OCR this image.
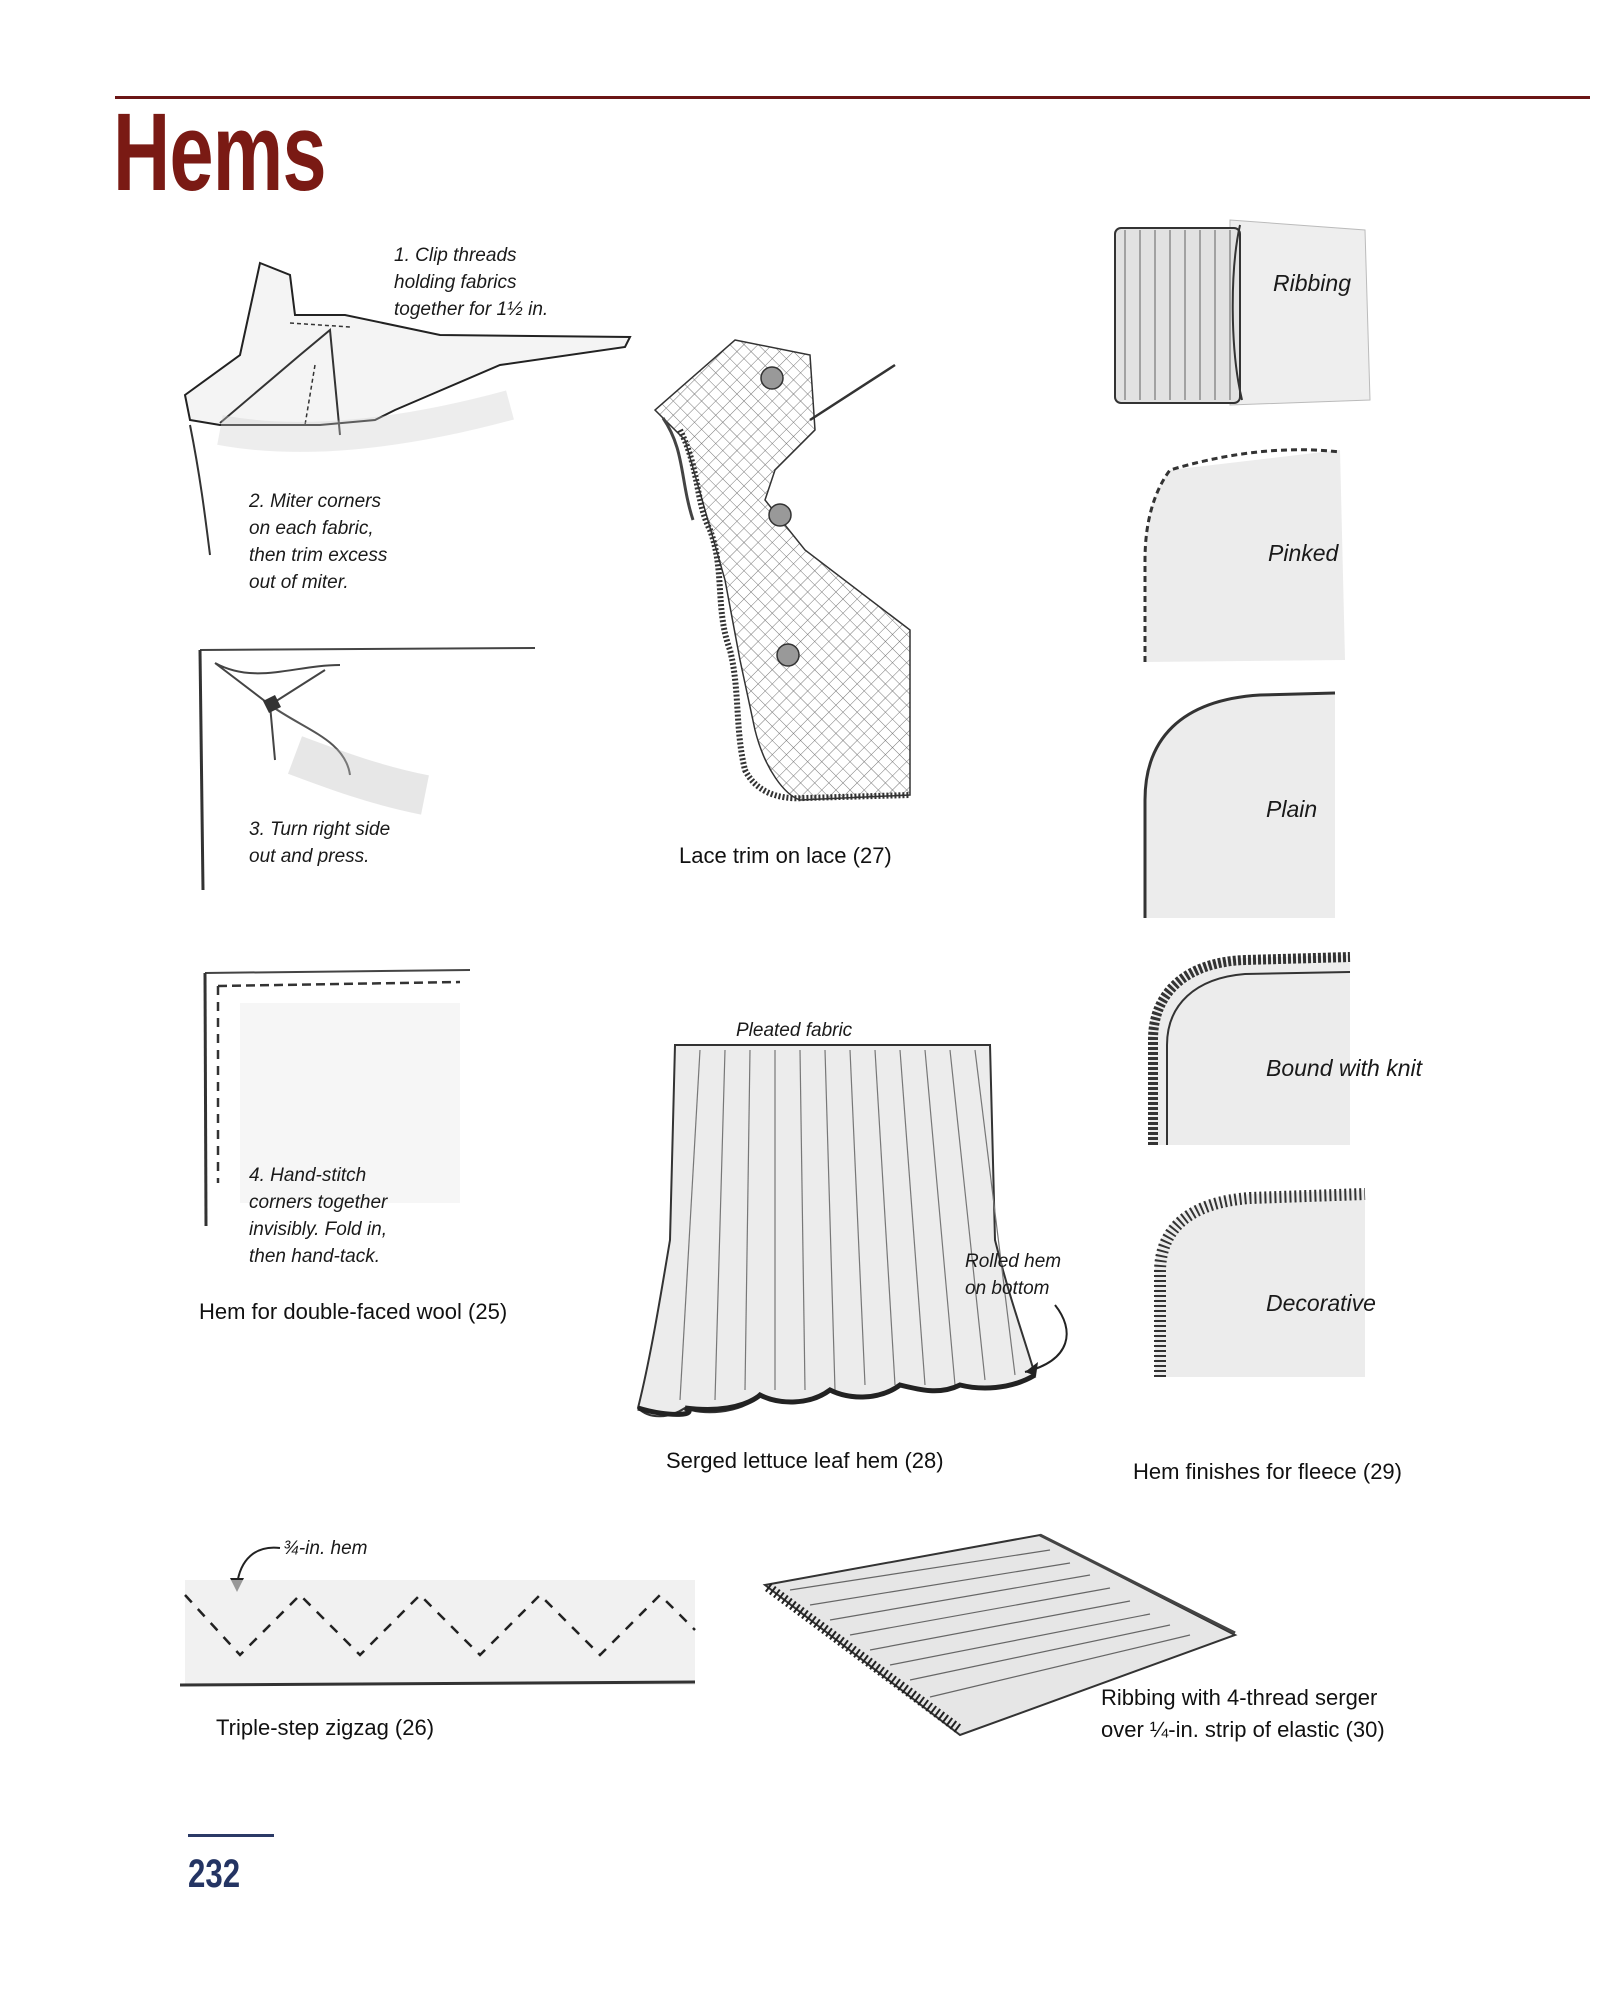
Hems
1. Clip threads
holding fabrics
together for 1½ in.
2. Miter corners
on each fabric,
then trim excess
out of miter.
3. Turn right side
out and press.
4. Hand-stitch
corners together
invisibly. Fold in,
then hand-tack.
Hem for double-faced wool (25)
Lace trim on lace (27)
Pleated fabric
Rolled hem
on bottom
Serged lettuce leaf hem (28)
Ribbing
Pinked
Plain
Bound with knit
Decorative
Hem finishes for fleece (29)
¾-in. hem
Triple-step zigzag (26)
Ribbing with 4-thread serger
over ¼-in. strip of elastic (30)
232
